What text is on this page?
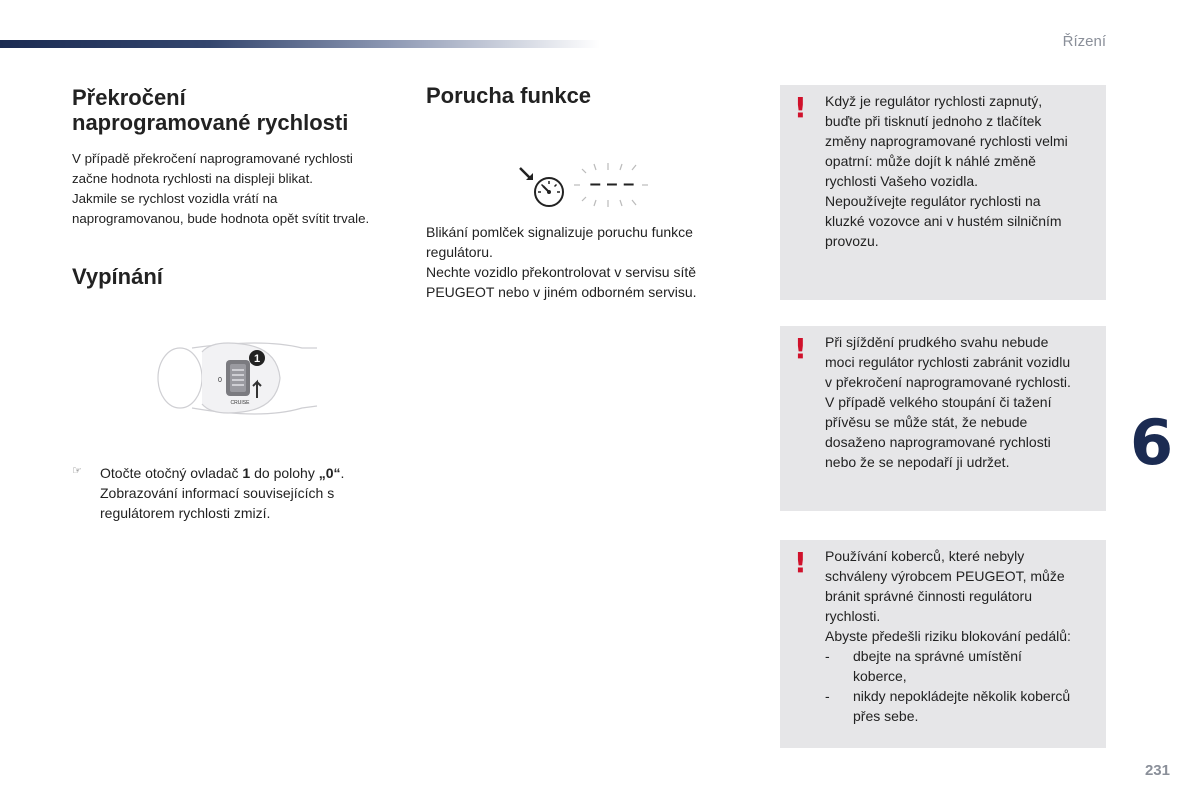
Řízení
Překročení
naprogramované rychlosti
V případě překročení naprogramované rychlosti
začne hodnota rychlosti na displeji blikat.
Jakmile se rychlost vozidla vrátí na
naprogramovanou, bude hodnota opět svítit trvale.
Vypínání
1
0
CRUISE
☞ Otočte otočný ovladač 1 do polohy „0“.
Zobrazování informací souvisejících s
regulátorem rychlosti zmizí.
Porucha funkce
– – –
Blikání pomlček signalizuje poruchu funkce
regulátoru.
Nechte vozidlo překontrolovat v servisu sítě
PEUGEOT nebo v jiném odborném servisu.
! Když je regulátor rychlosti zapnutý,
buďte při tisknutí jednoho z tlačítek
změny naprogramované rychlosti velmi
opatrní: může dojít k náhlé změně
rychlosti Vašeho vozidla.
Nepoužívejte regulátor rychlosti na
kluzké vozovce ani v hustém silničním
provozu.
! Při sjíždění prudkého svahu nebude
moci regulátor rychlosti zabránit vozidlu
v překročení naprogramované rychlosti.
V případě velkého stoupání či tažení
přívěsu se může stát, že nebude
dosaženo naprogramované rychlosti
nebo že se nepodaří ji udržet.
! Používání koberců, které nebyly
schváleny výrobcem PEUGEOT, může
bránit správné činnosti regulátoru
rychlosti.
Abyste předešli riziku blokování pedálů:
- dbejte na správné umístění
koberce,
- nikdy nepokládejte několik koberců
přes sebe.
6
231
